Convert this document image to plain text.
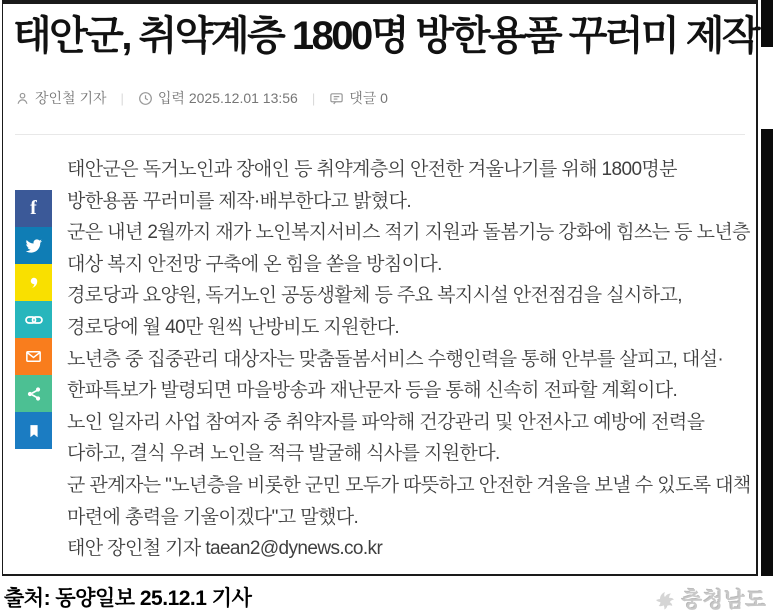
태안군, 취약계층 1800명 방한용품 꾸러미 제작
장인철 기자	| 입력 2025.12.01 13:56	| 댓글 0
f

태안군은 독거노인과 장애인 등 취약계층의 안전한 겨울나기를 위해 1800명분 방한용품 꾸러미를 제작·배부한다고 밝혔다.

군은 내년 2월까지 재가 노인복지서비스 적기 지원과 돌봄기능 강화에 힘쓰는 등 노년층 대상 복지 안전망 구축에 온 힘을 쏟을 방침이다.

경로당과 요양원, 독거노인 공동생활체 등 주요 복지시설 안전점검을 실시하고, 경로당에 월 40만 원씩 난방비도 지원한다.

노년층 중 집중관리 대상자는 맞춤돌봄서비스 수행인력을 통해 안부를 살피고, 대설·한파특보가 발령되면 마을방송과 재난문자 등을 통해 신속히 전파할 계획이다.

노인 일자리 사업 참여자 중 취약자를 파악해 건강관리 및 안전사고 예방에 전력을 다하고, 결식 우려 노인을 적극 발굴해 식사를 지원한다.

군 관계자는 "노년층을 비롯한 군민 모두가 따뜻하고 안전한 겨울을 보낼 수 있도록 대책 마련에 총력을 기울이겠다"고 말했다.

태안 장인철 기자 taean2@dynews.co.kr

출처: 동양일보 25.12.1 기사	충청남도
